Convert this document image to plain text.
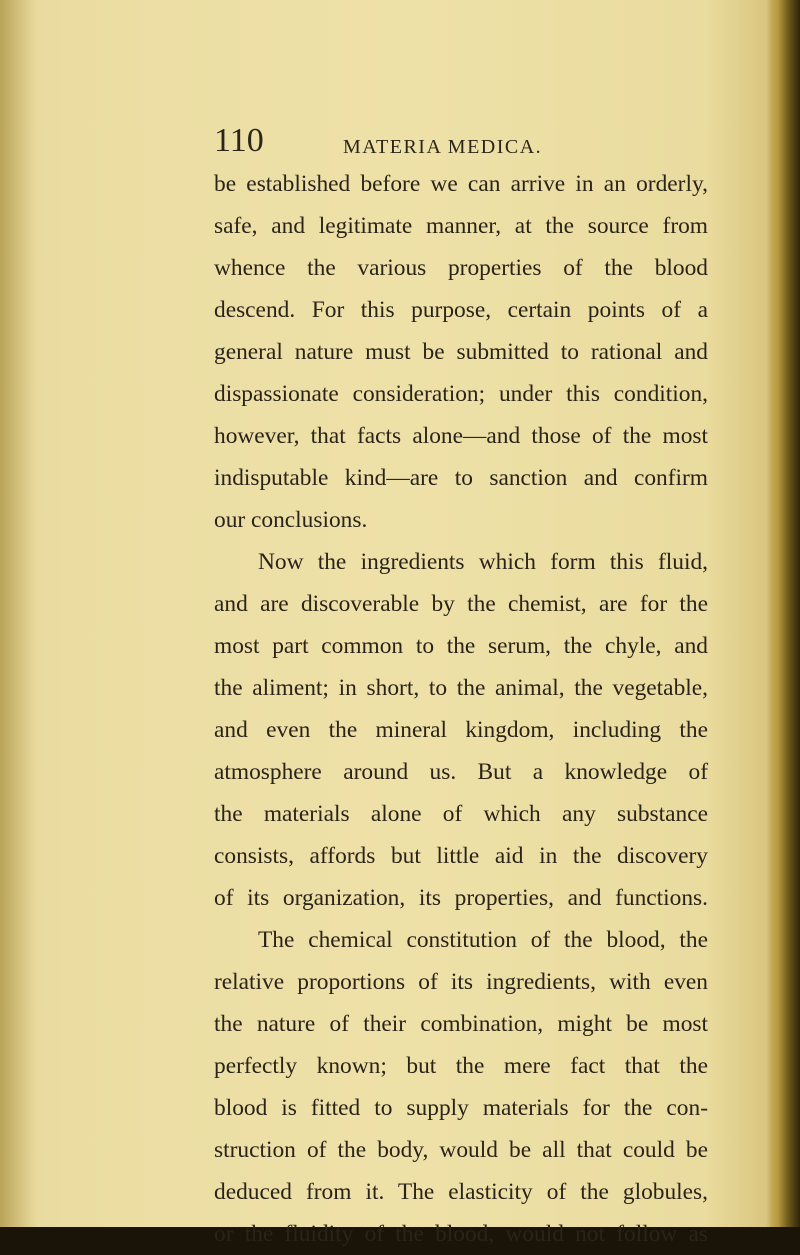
110	MATERIA MEDICA.
be established before we can arrive in an orderly,
safe, and legitimate manner, at the source from
whence the various properties of the blood
descend. For this purpose, certain points of a
general nature must be submitted to rational and
dispassionate consideration; under this condition,
however, that facts alone—and those of the most
indisputable kind—are to sanction and confirm
our conclusions.
Now the ingredients which form this fluid,
and are discoverable by the chemist, are for the
most part common to the serum, the chyle, and
the aliment; in short, to the animal, the vegetable,
and even the mineral kingdom, including the
atmosphere around us. But a knowledge of
the materials alone of which any substance
consists, affords but little aid in the discovery
of its organization, its properties, and functions.
The chemical constitution of the blood, the
relative proportions of its ingredients, with even
the nature of their combination, might be most
perfectly known; but the mere fact that the
blood is fitted to supply materials for the con-
struction of the body, would be all that could be
deduced from it. The elasticity of the globules,
or the fluidity of the blood, would not follow as
